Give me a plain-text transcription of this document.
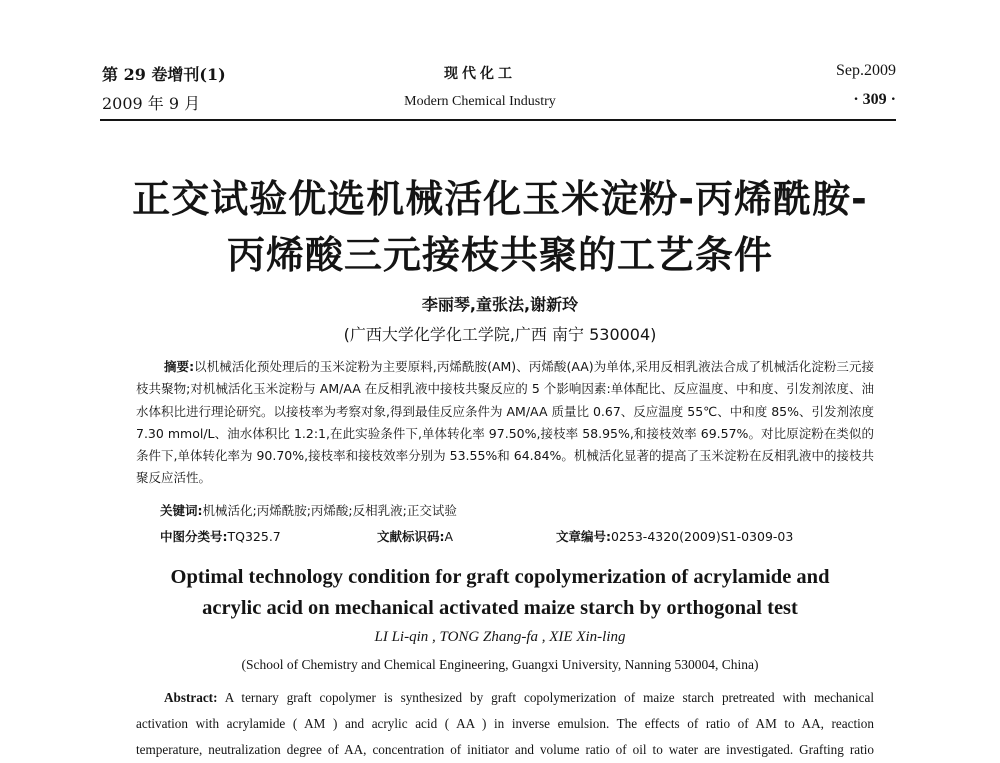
第 29 卷增刊(1)
2009 年 9 月
现代化工
Modern Chemical Industry
Sep.2009
· 309 ·
正交试验优选机械活化玉米淀粉-丙烯酰胺-
丙烯酸三元接枝共聚的工艺条件
李丽琴,童张法,谢新玲
(广西大学化学化工学院,广西 南宁 530004)
摘要:以机械活化预处理后的玉米淀粉为主要原料,丙烯酰胺(AM)、丙烯酸(AA)为单体,采用反相乳液法合成了机械活化淀粉三元接枝共聚物;对机械活化玉米淀粉与 AM/AA 在反相乳液中接枝共聚反应的 5 个影响因素:单体配比、反应温度、中和度、引发剂浓度、油水体积比进行理论研究。以接枝率为考察对象,得到最佳反应条件为 AM/AA 质量比 0.67、反应温度 55℃、中和度 85%、引发剂浓度 7.30 mmol/L、油水体积比 1.2:1,在此实验条件下,单体转化率 97.50%,接枝率 58.95%,和接枝效率 69.57%。对比原淀粉在类似的条件下,单体转化率为 90.70%,接枝率和接枝效率分别为 53.55%和 64.84%。机械活化显著的提高了玉米淀粉在反相乳液中的接枝共聚反应活性。
关键词:机械活化;丙烯酰胺;丙烯酸;反相乳液;正交试验
中图分类号:TQ325.7	文献标识码:A	文章编号:0253-4320(2009)S1-0309-03
Optimal technology condition for graft copolymerization of acrylamide and
acrylic acid on mechanical activated maize starch by orthogonal test
LI Li-qin , TONG Zhang-fa , XIE Xin-ling
(School of Chemistry and Chemical Engineering, Guangxi University, Nanning 530004, China)
Abstract: A ternary graft copolymer is synthesized by graft copolymerization of maize starch pretreated with mechanical
activation with acrylamide ( AM ) and acrylic acid ( AA ) in inverse emulsion. The effects of ratio of AM to AA, reaction
temperature, neutralization degree of AA, concentration of initiator and volume ratio of oil to water are investigated. Grafting ratio
